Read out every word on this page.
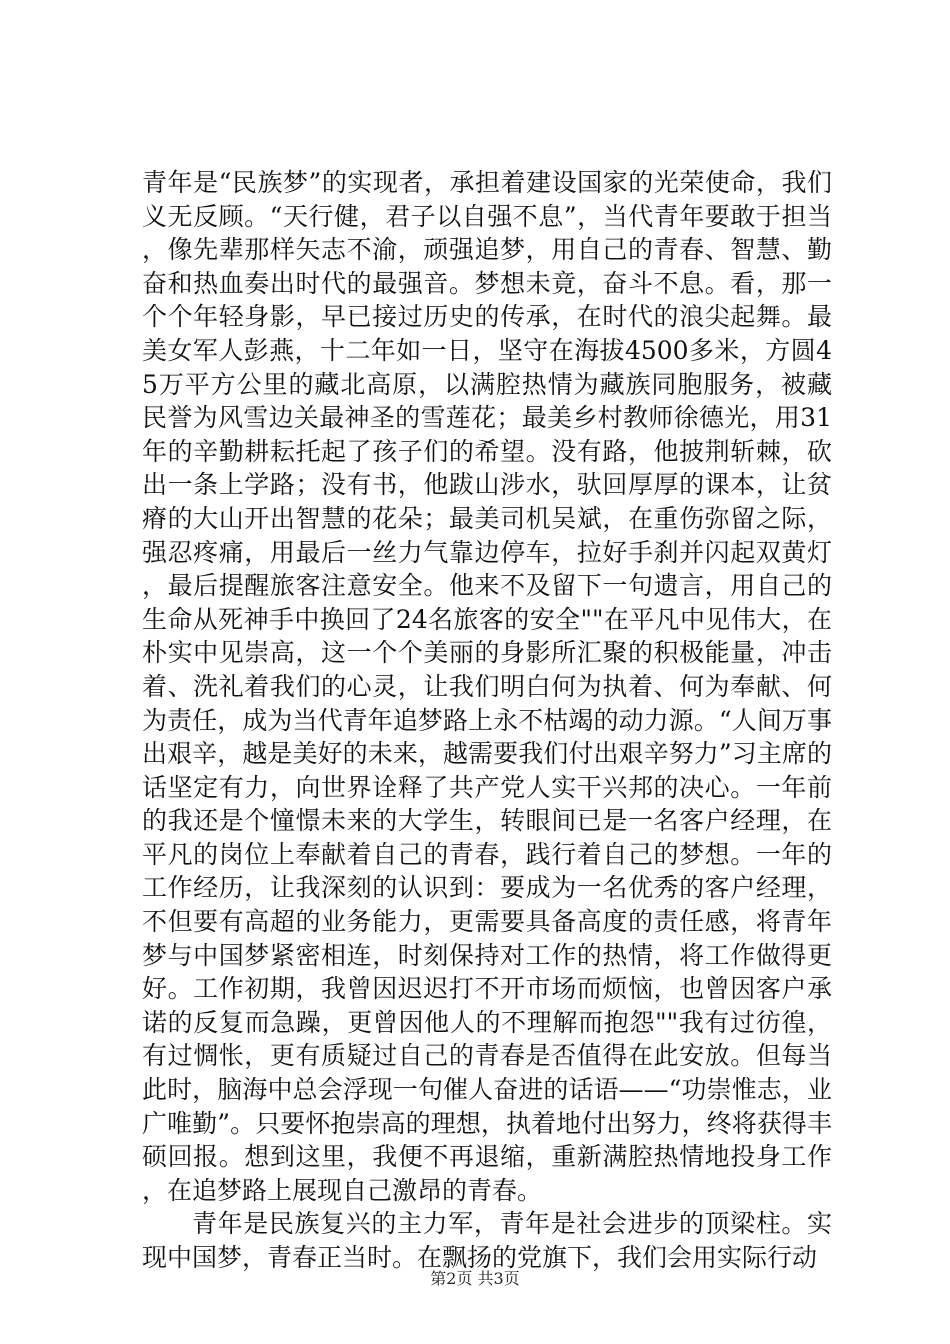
青年是“民族梦”的实现者，承担着建设国家的光荣使命，我们义无反顾。“天行健，君子以自强不息”，当代青年要敢于担当，像先辈那样矢志不渝，顽强追梦，用自己的青春、智慧、勤奋和热血奏出时代的最强音。梦想未竟，奋斗不息。看，那一个个年轻身影，早已接过历史的传承，在时代的浪尖起舞。最美女军人彭燕，十二年如一日，坚守在海拔4500多米，方圆45万平方公里的藏北高原，以满腔热情为藏族同胞服务，被藏民誉为风雪边关最神圣的雪莲花；最美乡村教师徐德光，用31年的辛勤耕耘托起了孩子们的希望。没有路，他披荆斩棘，砍出一条上学路；没有书，他跋山涉水，驮回厚厚的课本，让贫瘠的大山开出智慧的花朵；最美司机吴斌，在重伤弥留之际，强忍疼痛，用最后一丝力气靠边停车，拉好手刹并闪起双黄灯，最后提醒旅客注意安全。他来不及留下一句遗言，用自己的生命从死神手中换回了24名旅客的安全""在平凡中见伟大，在朴实中见崇高，这一个个美丽的身影所汇聚的积极能量，冲击着、洗礼着我们的心灵，让我们明白何为执着、何为奉献、何为责任，成为当代青年追梦路上永不枯竭的动力源。“人间万事出艰辛，越是美好的未来，越需要我们付出艰辛努力”习主席的话坚定有力，向世界诠释了共产党人实干兴邦的决心。一年前的我还是个憧憬未来的大学生，转眼间已是一名客户经理，在平凡的岗位上奉献着自己的青春，践行着自己的梦想。一年的工作经历，让我深刻的认识到：要成为一名优秀的客户经理，不但要有高超的业务能力，更需要具备高度的责任感，将青年梦与中国梦紧密相连，时刻保持对工作的热情，将工作做得更好。工作初期，我曾因迟迟打不开市场而烦恼，也曾因客户承诺的反复而急躁，更曾因他人的不理解而抱怨""我有过彷徨，有过惆怅，更有质疑过自己的青春是否值得在此安放。但每当此时，脑海中总会浮现一句催人奋进的话语——“功崇惟志，业广唯勤”。只要怀抱崇高的理想，执着地付出努力，终将获得丰硕回报。想到这里，我便不再退缩，重新满腔热情地投身工作，在追梦路上展现自己激昂的青春。

青年是民族复兴的主力军，青年是社会进步的顶梁柱。实现中国梦，青春正当时。在飘扬的党旗下，我们会用实际行动

第2页 共3页
